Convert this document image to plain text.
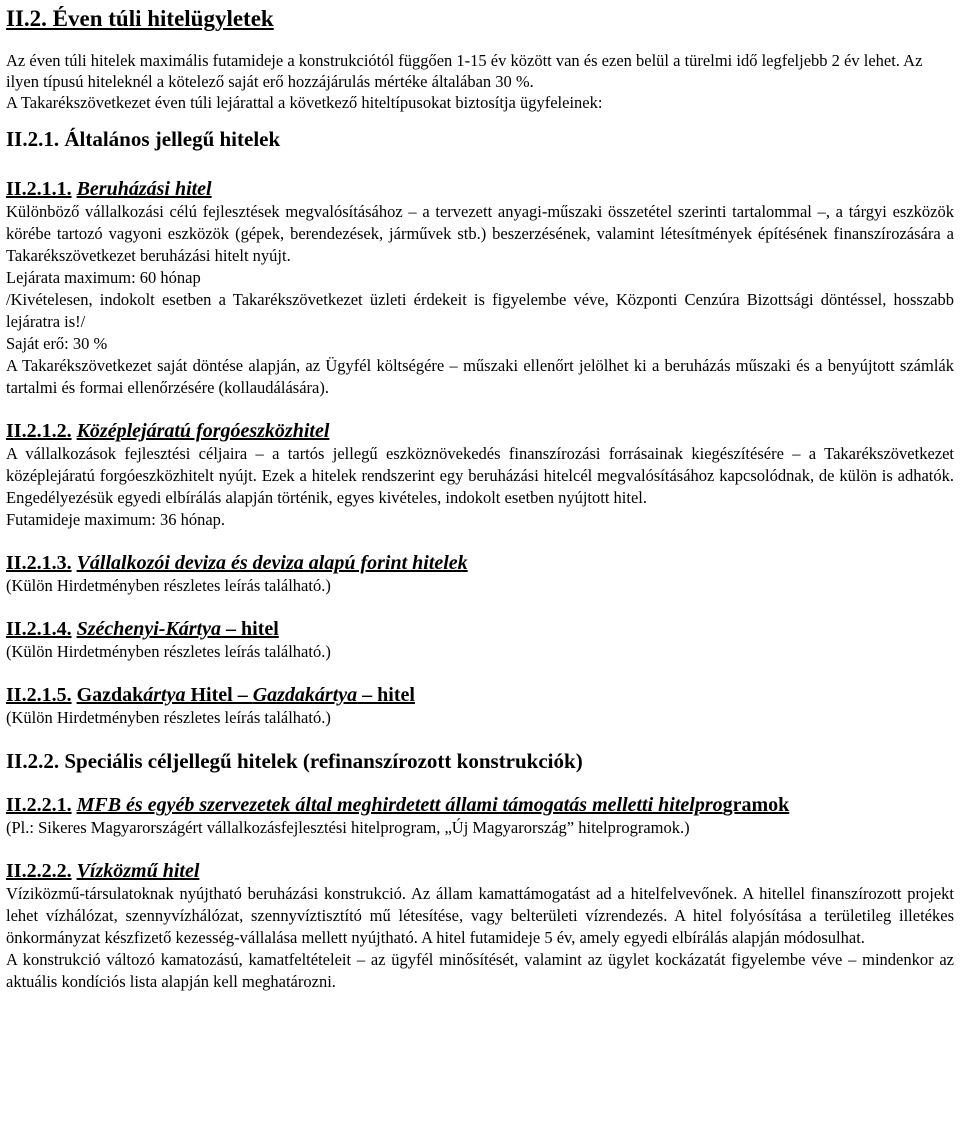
II.2. Éven túli hitelügyletek

Az éven túli hitelek maximális futamideje a konstrukciótól függően 1-15 év között van és ezen belül a türelmi idő legfeljebb 2 év lehet. Az ilyen típusú hiteleknél a kötelező saját erő hozzájárulás mértéke általában 30 %.

A Takarékszövetkezet éven túli lejárattal a következő hiteltípusokat biztosítja ügyfeleinek:

II.2.1. Általános jellegű hitelek

II.2.1.1. Beruházási hitel

Különböző vállalkozási célú fejlesztések megvalósításához – a tervezett anyagi-műszaki összetétel szerinti tartalommal –, a tárgyi eszközök körébe tartozó vagyoni eszközök (gépek, berendezések, járművek stb.) beszerzésének, valamint létesítmények építésének finanszírozására a Takarékszövetkezet beruházási hitelt nyújt.

Lejárata maximum: 60 hónap

/Kivételesen, indokolt esetben a Takarékszövetkezet üzleti érdekeit is figyelembe véve, Központi Cenzúra Bizottsági döntéssel, hosszabb lejáratra is!/

Saját erő: 30 %

A Takarékszövetkezet saját döntése alapján, az Ügyfél költségére – műszaki ellenőrt jelölhet ki a beruházás műszaki és a benyújtott számlák tartalmi és formai ellenőrzésére (kollaudálására).

II.2.1.2. Középlejáratú forgóeszközhitel

A vállalkozások fejlesztési céljaira – a tartós jellegű eszköznövekedés finanszírozási forrásainak kiegészítésére – a Takarékszövetkezet középlejáratú forgóeszközhitelt nyújt. Ezek a hitelek rendszerint egy beruházási hitelcél megvalósításához kapcsolódnak, de külön is adhatók. Engedélyezésük egyedi elbírálás alapján történik, egyes kivételes, indokolt esetben nyújtott hitel.

Futamideje maximum: 36 hónap.

II.2.1.3. Vállalkozói deviza és deviza alapú forint hitelek

(Külön Hirdetményben részletes leírás található.)

II.2.1.4. Széchenyi-Kártya – hitel

(Külön Hirdetményben részletes leírás található.)

II.2.1.5. Gazdakártya Hitel – Gazdakártya – hitel

(Külön Hirdetményben részletes leírás található.)

II.2.2. Speciális céljellegű hitelek (refinanszírozott konstrukciók)

II.2.2.1. MFB és egyéb szervezetek által meghirdetett állami támogatás melletti hitelprogramok

(Pl.: Sikeres Magyarországért vállalkozásfejlesztési hitelprogram, „Új Magyarország” hitelprogramok.)

II.2.2.2. Vízközmű hitel

Víziközmű-társulatoknak nyújtható beruházási konstrukció. Az állam kamattámogatást ad a hitelfelvevőnek. A hitellel finanszírozott projekt lehet vízhálózat, szennyvízhálózat, szennyvíztisztító mű létesítése, vagy belterületi vízrendezés. A hitel folyósítása a területileg illetékes önkormányzat készfizető kezesség-vállalása mellett nyújtható. A hitel futamideje 5 év, amely egyedi elbírálás alapján módosulhat.

A konstrukció változó kamatozású, kamatfeltételeit – az ügyfél minősítését, valamint az ügylet kockázatát figyelembe véve – mindenkor az aktuális kondíciós lista alapján kell meghatározni.
